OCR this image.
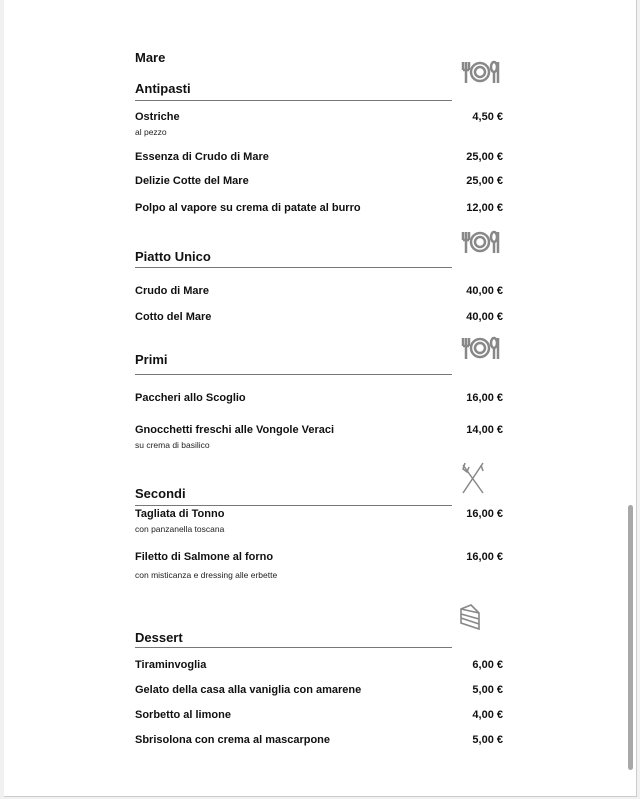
Mare
Antipasti
Ostriche	4,50 €
al pezzo
Essenza di Crudo di Mare	25,00 €
Delizie Cotte del Mare	25,00 €
Polpo al vapore su crema di patate al burro	12,00 €
Piatto Unico
Crudo di Mare	40,00 €
Cotto del Mare	40,00 €
Primi
Paccheri allo Scoglio	16,00 €
Gnocchetti freschi alle Vongole Veraci	14,00 €
su crema di basilico
Secondi
Tagliata di Tonno	16,00 €
con panzanella toscana
Filetto di Salmone al forno	16,00 €
con misticanza e dressing alle erbette
Dessert
Tiraminvoglia	6,00 €
Gelato della casa alla vaniglia con amarene	5,00 €
Sorbetto al limone	4,00 €
Sbrisolona con crema al mascarpone	5,00 €
